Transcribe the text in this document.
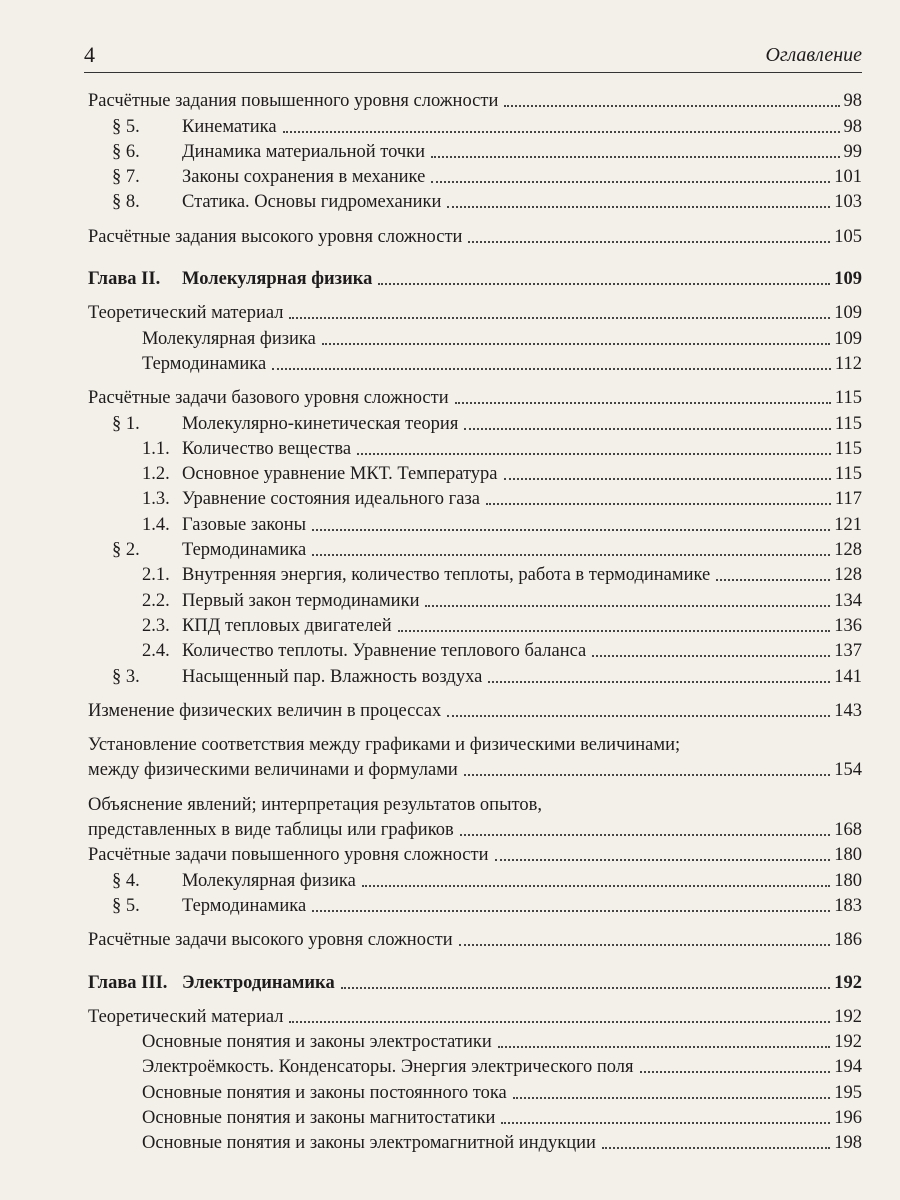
4	Оглавление
Расчётные задания повышенного уровня сложности	98
§ 5.	Кинематика	98
§ 6.	Динамика материальной точки	99
§ 7.	Законы сохранения в механике	101
§ 8.	Статика. Основы гидромеханики	103
Расчётные задания высокого уровня сложности	105
Глава II.	Молекулярная физика	109
Теоретический материал	109
Молекулярная физика	109
Термодинамика	112
Расчётные задачи базового уровня сложности	115
§ 1.	Молекулярно-кинетическая теория	115
1.1. Количество вещества	115
1.2. Основное уравнение МКТ. Температура	115
1.3. Уравнение состояния идеального газа	117
1.4. Газовые законы	121
§ 2.	Термодинамика	128
2.1. Внутренняя энергия, количество теплоты, работа в термодинамике	128
2.2. Первый закон термодинамики	134
2.3. КПД тепловых двигателей	136
2.4. Количество теплоты. Уравнение теплового баланса	137
§ 3.	Насыщенный пар. Влажность воздуха	141
Изменение физических величин в процессах	143
Установление соответствия между графиками и физическими величинами;
между физическими величинами и формулами	154
Объяснение явлений; интерпретация результатов опытов,
представленных в виде таблицы или графиков	168
Расчётные задачи повышенного уровня сложности	180
§ 4.	Молекулярная физика	180
§ 5.	Термодинамика	183
Расчётные задачи высокого уровня сложности	186
Глава III. Электродинамика	192
Теоретический материал	192
Основные понятия и законы электростатики	192
Электроёмкость. Конденсаторы. Энергия электрического поля	194
Основные понятия и законы постоянного тока	195
Основные понятия и законы магнитостатики	196
Основные понятия и законы электромагнитной индукции	198
